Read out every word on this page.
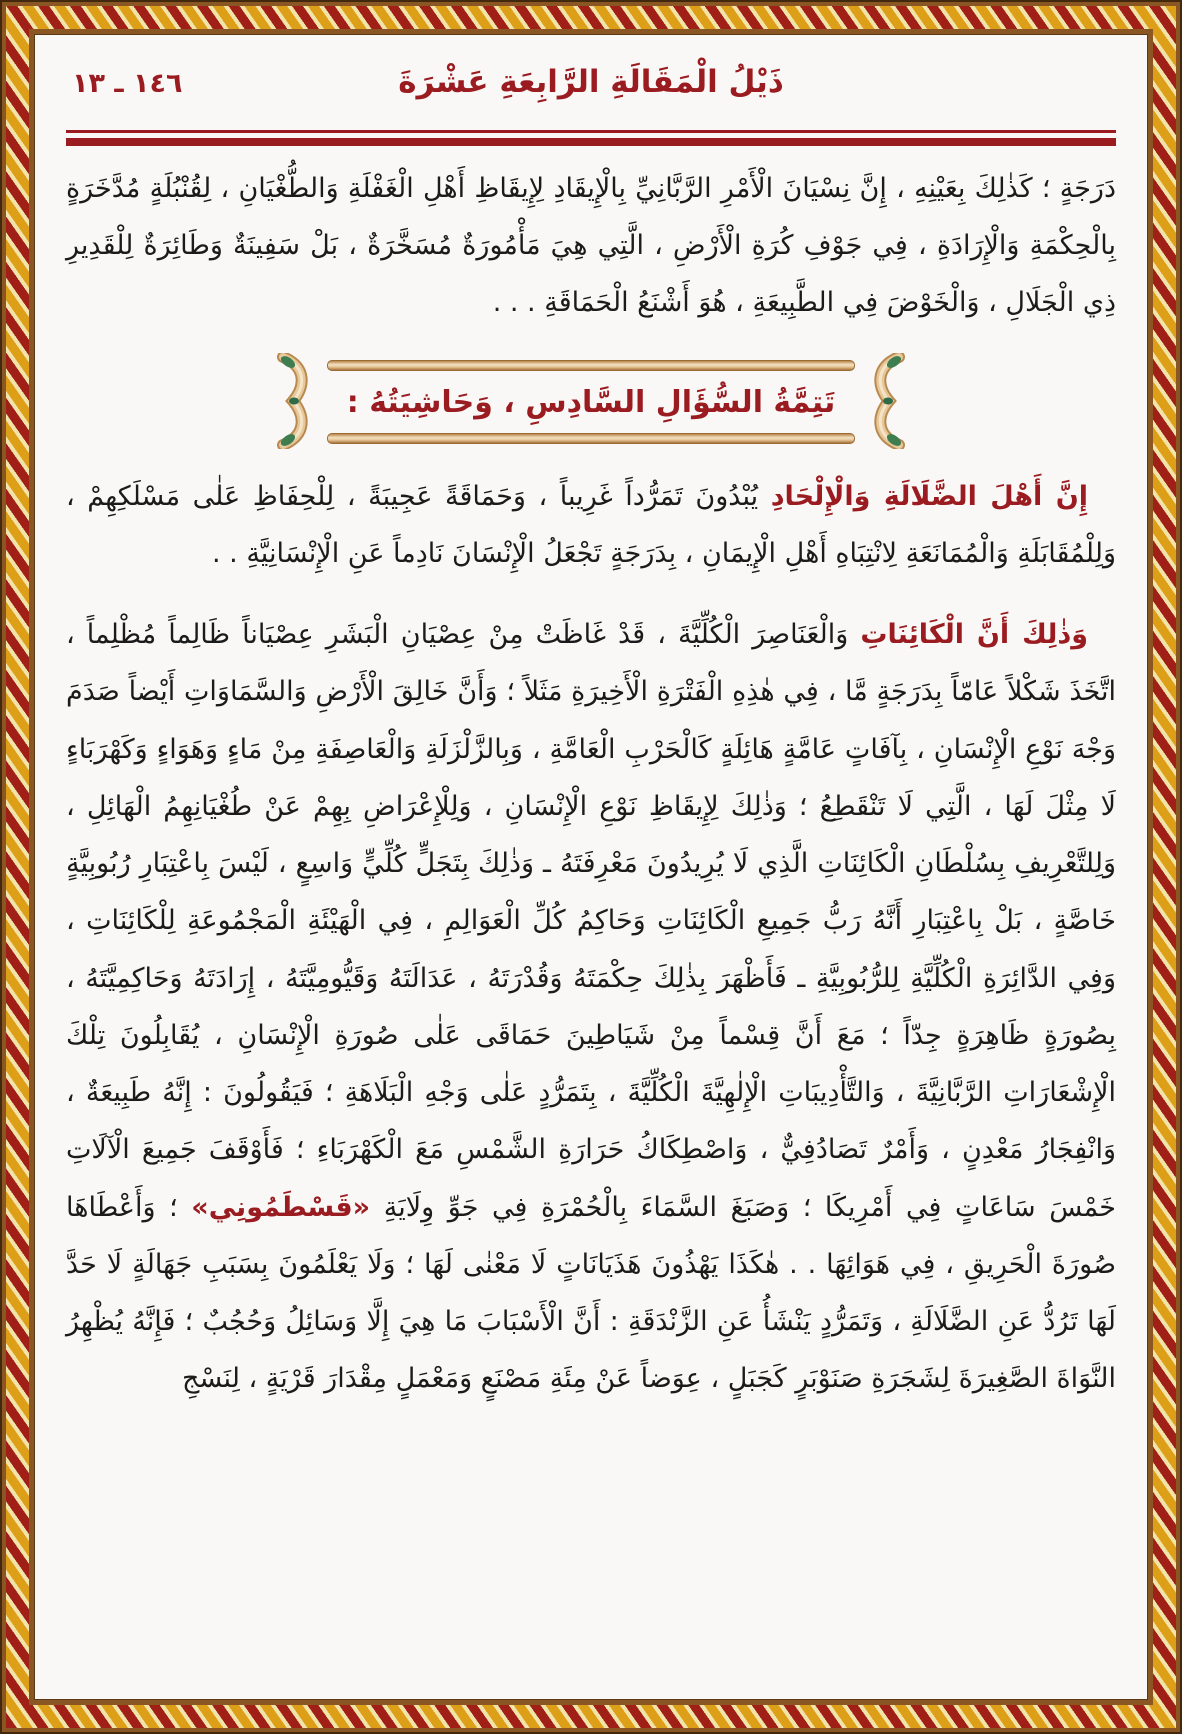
ذَيْلُ الْمَقَالَةِ الرَّابِعَةِ عَشْرَةَ
١٤٦ ـ ١٣

دَرَجَةٍ ؛ كَذٰلِكَ بِعَيْنِهِ ، إِنَّ نِسْيَانَ الْأَمْرِ الرَّبَّانِيِّ بِالْإِيقَادِ لِإِيقَاظِ أَهْلِ الْغَفْلَةِ وَالطُّغْيَانِ ، لِقُنْبُلَةٍ مُدَّخَرَةٍ بِالْحِكْمَةِ وَالْإِرَادَةِ ، فِي جَوْفِ كُرَةِ الْأَرْضِ ، الَّتِي هِيَ مَأْمُورَةٌ مُسَخَّرَةٌ ، بَلْ سَفِينَةٌ وَطَائِرَةٌ لِلْقَدِيرِ ذِي الْجَلَالِ ، وَالْخَوْضَ فِي الطَّبِيعَةِ ، هُوَ أَشْنَعُ الْحَمَاقَةِ . . .

تَتِمَّةُ السُّؤَالِ السَّادِسِ ، وَحَاشِيَتُهُ :

إِنَّ أَهْلَ الضَّلَالَةِ وَالْإِلْحَادِ يُبْدُونَ تَمَرُّداً غَرِيباً ، وَحَمَاقَةً عَجِيبَةً ، لِلْحِفَاظِ عَلٰى مَسْلَكِهِمْ ، وَلِلْمُقَابَلَةِ وَالْمُمَانَعَةِ لِانْتِبَاهِ أَهْلِ الْإِيمَانِ ، بِدَرَجَةٍ تَجْعَلُ الْإِنْسَانَ نَادِماً عَنِ الْإِنْسَانِيَّةِ . .

وَذٰلِكَ أَنَّ الْكَائِنَاتِ وَالْعَنَاصِرَ الْكُلِّيَّةَ ، قَدْ غَاظَتْ مِنْ عِصْيَانِ الْبَشَرِ عِصْيَاناً ظَالِماً مُظْلِماً ، اتَّخَذَ شَكْلاً عَامّاً بِدَرَجَةٍ مَّا ، فِي هٰذِهِ الْفَتْرَةِ الْأَخِيرَةِ مَثَلاً ؛ وَأَنَّ خَالِقَ الْأَرْضِ وَالسَّمَاوَاتِ أَيْضاً صَدَمَ وَجْهَ نَوْعِ الْإِنْسَانِ ، بِآفَاتٍ عَامَّةٍ هَائِلَةٍ كَالْحَرْبِ الْعَامَّةِ ، وَبِالزَّلْزَلَةِ وَالْعَاصِفَةِ مِنْ مَاءٍ وَهَوَاءٍ وَكَهْرَبَاءٍ لَا مِثْلَ لَهَا ، الَّتِي لَا تَنْقَطِعُ ؛ وَذٰلِكَ لِإِيقَاظِ نَوْعِ الْإِنْسَانِ ، وَلِلْإِعْرَاضِ بِهِمْ عَنْ طُغْيَانِهِمُ الْهَائِلِ ، وَلِلتَّعْرِيفِ بِسُلْطَانِ الْكَائِنَاتِ الَّذِي لَا يُرِيدُونَ مَعْرِفَتَهُ ـ وَذٰلِكَ بِتَجَلٍّ كُلِّيٍّ وَاسِعٍ ، لَيْسَ بِاعْتِبَارِ رُبُوبِيَّةٍ خَاصَّةٍ ، بَلْ بِاعْتِبَارِ أَنَّهُ رَبُّ جَمِيعِ الْكَائِنَاتِ وَحَاكِمُ كُلِّ الْعَوَالِمِ ، فِي الْهَيْئَةِ الْمَجْمُوعَةِ لِلْكَائِنَاتِ ، وَفِي الدَّائِرَةِ الْكُلِّيَّةِ لِلرُّبُوبِيَّةِ ـ فَأَظْهَرَ بِذٰلِكَ حِكْمَتَهُ وَقُدْرَتَهُ ، عَدَالَتَهُ وَقَيُّومِيَّتَهُ ، إِرَادَتَهُ وَحَاكِمِيَّتَهُ ، بِصُورَةٍ ظَاهِرَةٍ جِدّاً ؛ مَعَ أَنَّ قِسْماً مِنْ شَيَاطِينَ حَمَاقَى عَلٰى صُورَةِ الْإِنْسَانِ ، يُقَابِلُونَ تِلْكَ الْإِشْعَارَاتِ الرَّبَّانِيَّةَ ، وَالتَّأْدِيبَاتِ الْإِلٰهِيَّةَ الْكُلِّيَّةَ ، بِتَمَرُّدٍ عَلٰى وَجْهِ الْبَلَاهَةِ ؛ فَيَقُولُونَ : إِنَّهُ طَبِيعَةٌ ، وَانْفِجَارُ مَعْدِنٍ ، وَأَمْرٌ تَصَادُفِيٌّ ، وَاصْطِكَاكُ حَرَارَةِ الشَّمْسِ مَعَ الْكَهْرَبَاءِ ؛ فَأَوْقَفَ جَمِيعَ الْآلَاتِ خَمْسَ سَاعَاتٍ فِي أَمْرِيكَا ؛ وَصَبَغَ السَّمَاءَ بِالْحُمْرَةِ فِي جَوِّ وِلَايَةِ «قَسْطَمُونِي» ؛ وَأَعْطَاهَا صُورَةَ الْحَرِيقِ ، فِي هَوَائِهَا . . هٰكَذَا يَهْذُونَ هَذَيَانَاتٍ لَا مَعْنٰى لَهَا ؛ وَلَا يَعْلَمُونَ بِسَبَبِ جَهَالَةٍ لَا حَدَّ لَهَا تَرُدُّ عَنِ الضَّلَالَةِ ، وَتَمَرُّدٍ يَنْشَأُ عَنِ الزَّنْدَقَةِ : أَنَّ الْأَسْبَابَ مَا هِيَ إِلَّا وَسَائِلُ وَحُجُبٌ ؛ فَإِنَّهُ يُظْهِرُ النَّوَاةَ الصَّغِيرَةَ لِشَجَرَةِ صَنَوْبَرٍ كَجَبَلٍ ، عِوَضاً عَنْ مِئَةِ مَصْنَعٍ وَمَعْمَلٍ مِقْدَارَ قَرْيَةٍ ، لِنَسْجِ
